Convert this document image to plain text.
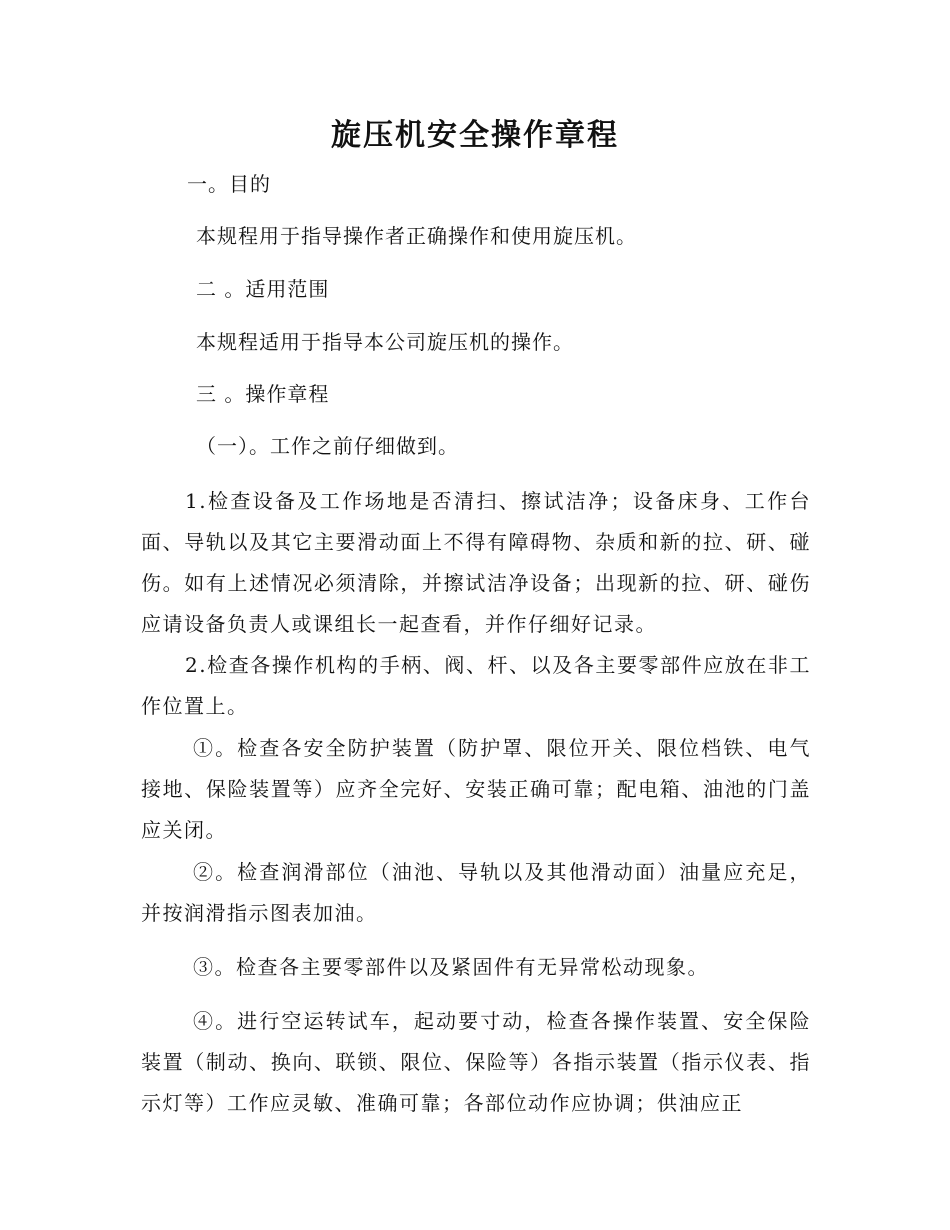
旋压机安全操作章程
一。目的
本规程用于指导操作者正确操作和使用旋压机。
二 。适用范围
本规程适用于指导本公司旋压机的操作。
三 。操作章程
（一）。工作之前仔细做到。
1.检查设备及工作场地是否清扫、擦试洁净；设备床身、工作台面、导轨以及其它主要滑动面上不得有障碍物、杂质和新的拉、研、碰伤。如有上述情况必须清除，并擦试洁净设备；出现新的拉、研、碰伤应请设备负责人或课组长一起查看，并作仔细好记录。
2.检查各操作机构的手柄、阀、杆、以及各主要零部件应放在非工作位置上。
①。检查各安全防护装置（防护罩、限位开关、限位档铁、电气接地、保险装置等）应齐全完好、安装正确可靠；配电箱、油池的门盖应关闭。
②。检查润滑部位（油池、导轨以及其他滑动面）油量应充足，并按润滑指示图表加油。
③。检查各主要零部件以及紧固件有无异常松动现象。
④。进行空运转试车，起动要寸动，检查各操作装置、安全保险装置（制动、换向、联锁、限位、保险等）各指示装置（指示仪表、指示灯等）工作应灵敏、准确可靠；各部位动作应协调；供油应正
